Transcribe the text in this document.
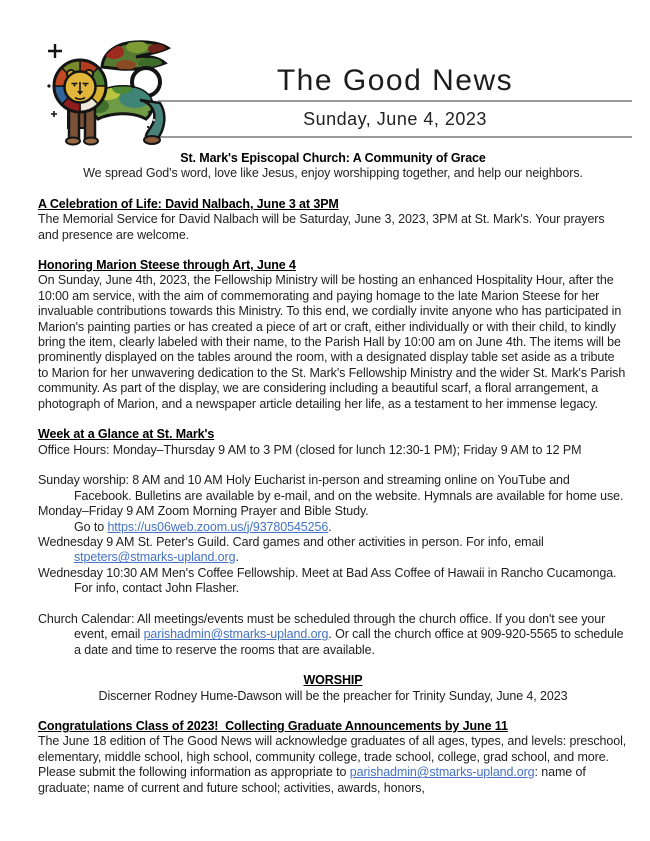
The Good News
Sunday, June 4, 2023

St. Mark's Episcopal Church: A Community of Grace

We spread God's word, love like Jesus, enjoy worshipping together, and help our neighbors.

A Celebration of Life: David Nalbach, June 3 at 3PM

The Memorial Service for David Nalbach will be Saturday, June 3, 2023, 3PM at St. Mark's. Your prayers and presence are welcome.

Honoring Marion Steese through Art, June 4

On Sunday, June 4th, 2023, the Fellowship Ministry will be hosting an enhanced Hospitality Hour, after the 10:00 am service, with the aim of commemorating and paying homage to the late Marion Steese for her invaluable contributions towards this Ministry. To this end, we cordially invite anyone who has participated in Marion's painting parties or has created a piece of art or craft, either individually or with their child, to kindly bring the item, clearly labeled with their name, to the Parish Hall by 10:00 am on June 4th. The items will be prominently displayed on the tables around the room, with a designated display table set aside as a tribute to Marion for her unwavering dedication to the St. Mark's Fellowship Ministry and the wider St. Mark's Parish community. As part of the display, we are considering including a beautiful scarf, a floral arrangement, a photograph of Marion, and a newspaper article detailing her life, as a testament to her immense legacy.

Week at a Glance at St. Mark's

Office Hours: Monday–Thursday 9 AM to 3 PM (closed for lunch 12:30-1 PM); Friday 9 AM to 12 PM

Sunday worship: 8 AM and 10 AM Holy Eucharist in-person and streaming online on YouTube and Facebook. Bulletins are available by e-mail, and on the website. Hymnals are available for home use.

Monday–Friday 9 AM Zoom Morning Prayer and Bible Study.
Go to https://us06web.zoom.us/j/93780545256.

Wednesday 9 AM St. Peter's Guild. Card games and other activities in person. For info, email stpeters@stmarks-upland.org.

Wednesday 10:30 AM Men's Coffee Fellowship. Meet at Bad Ass Coffee of Hawaii in Rancho Cucamonga. For info, contact John Flasher.

Church Calendar: All meetings/events must be scheduled through the church office. If you don't see your event, email parishadmin@stmarks-upland.org. Or call the church office at 909-920-5565 to schedule a date and time to reserve the rooms that are available.

WORSHIP

Discerner Rodney Hume-Dawson will be the preacher for Trinity Sunday, June 4, 2023

Congratulations Class of 2023!  Collecting Graduate Announcements by June 11

The June 18 edition of The Good News will acknowledge graduates of all ages, types, and levels: preschool, elementary, middle school, high school, community college, trade school, college, grad school, and more.  Please submit the following information as appropriate to parishadmin@stmarks-upland.org: name of graduate; name of current and future school; activities, awards, honors,
